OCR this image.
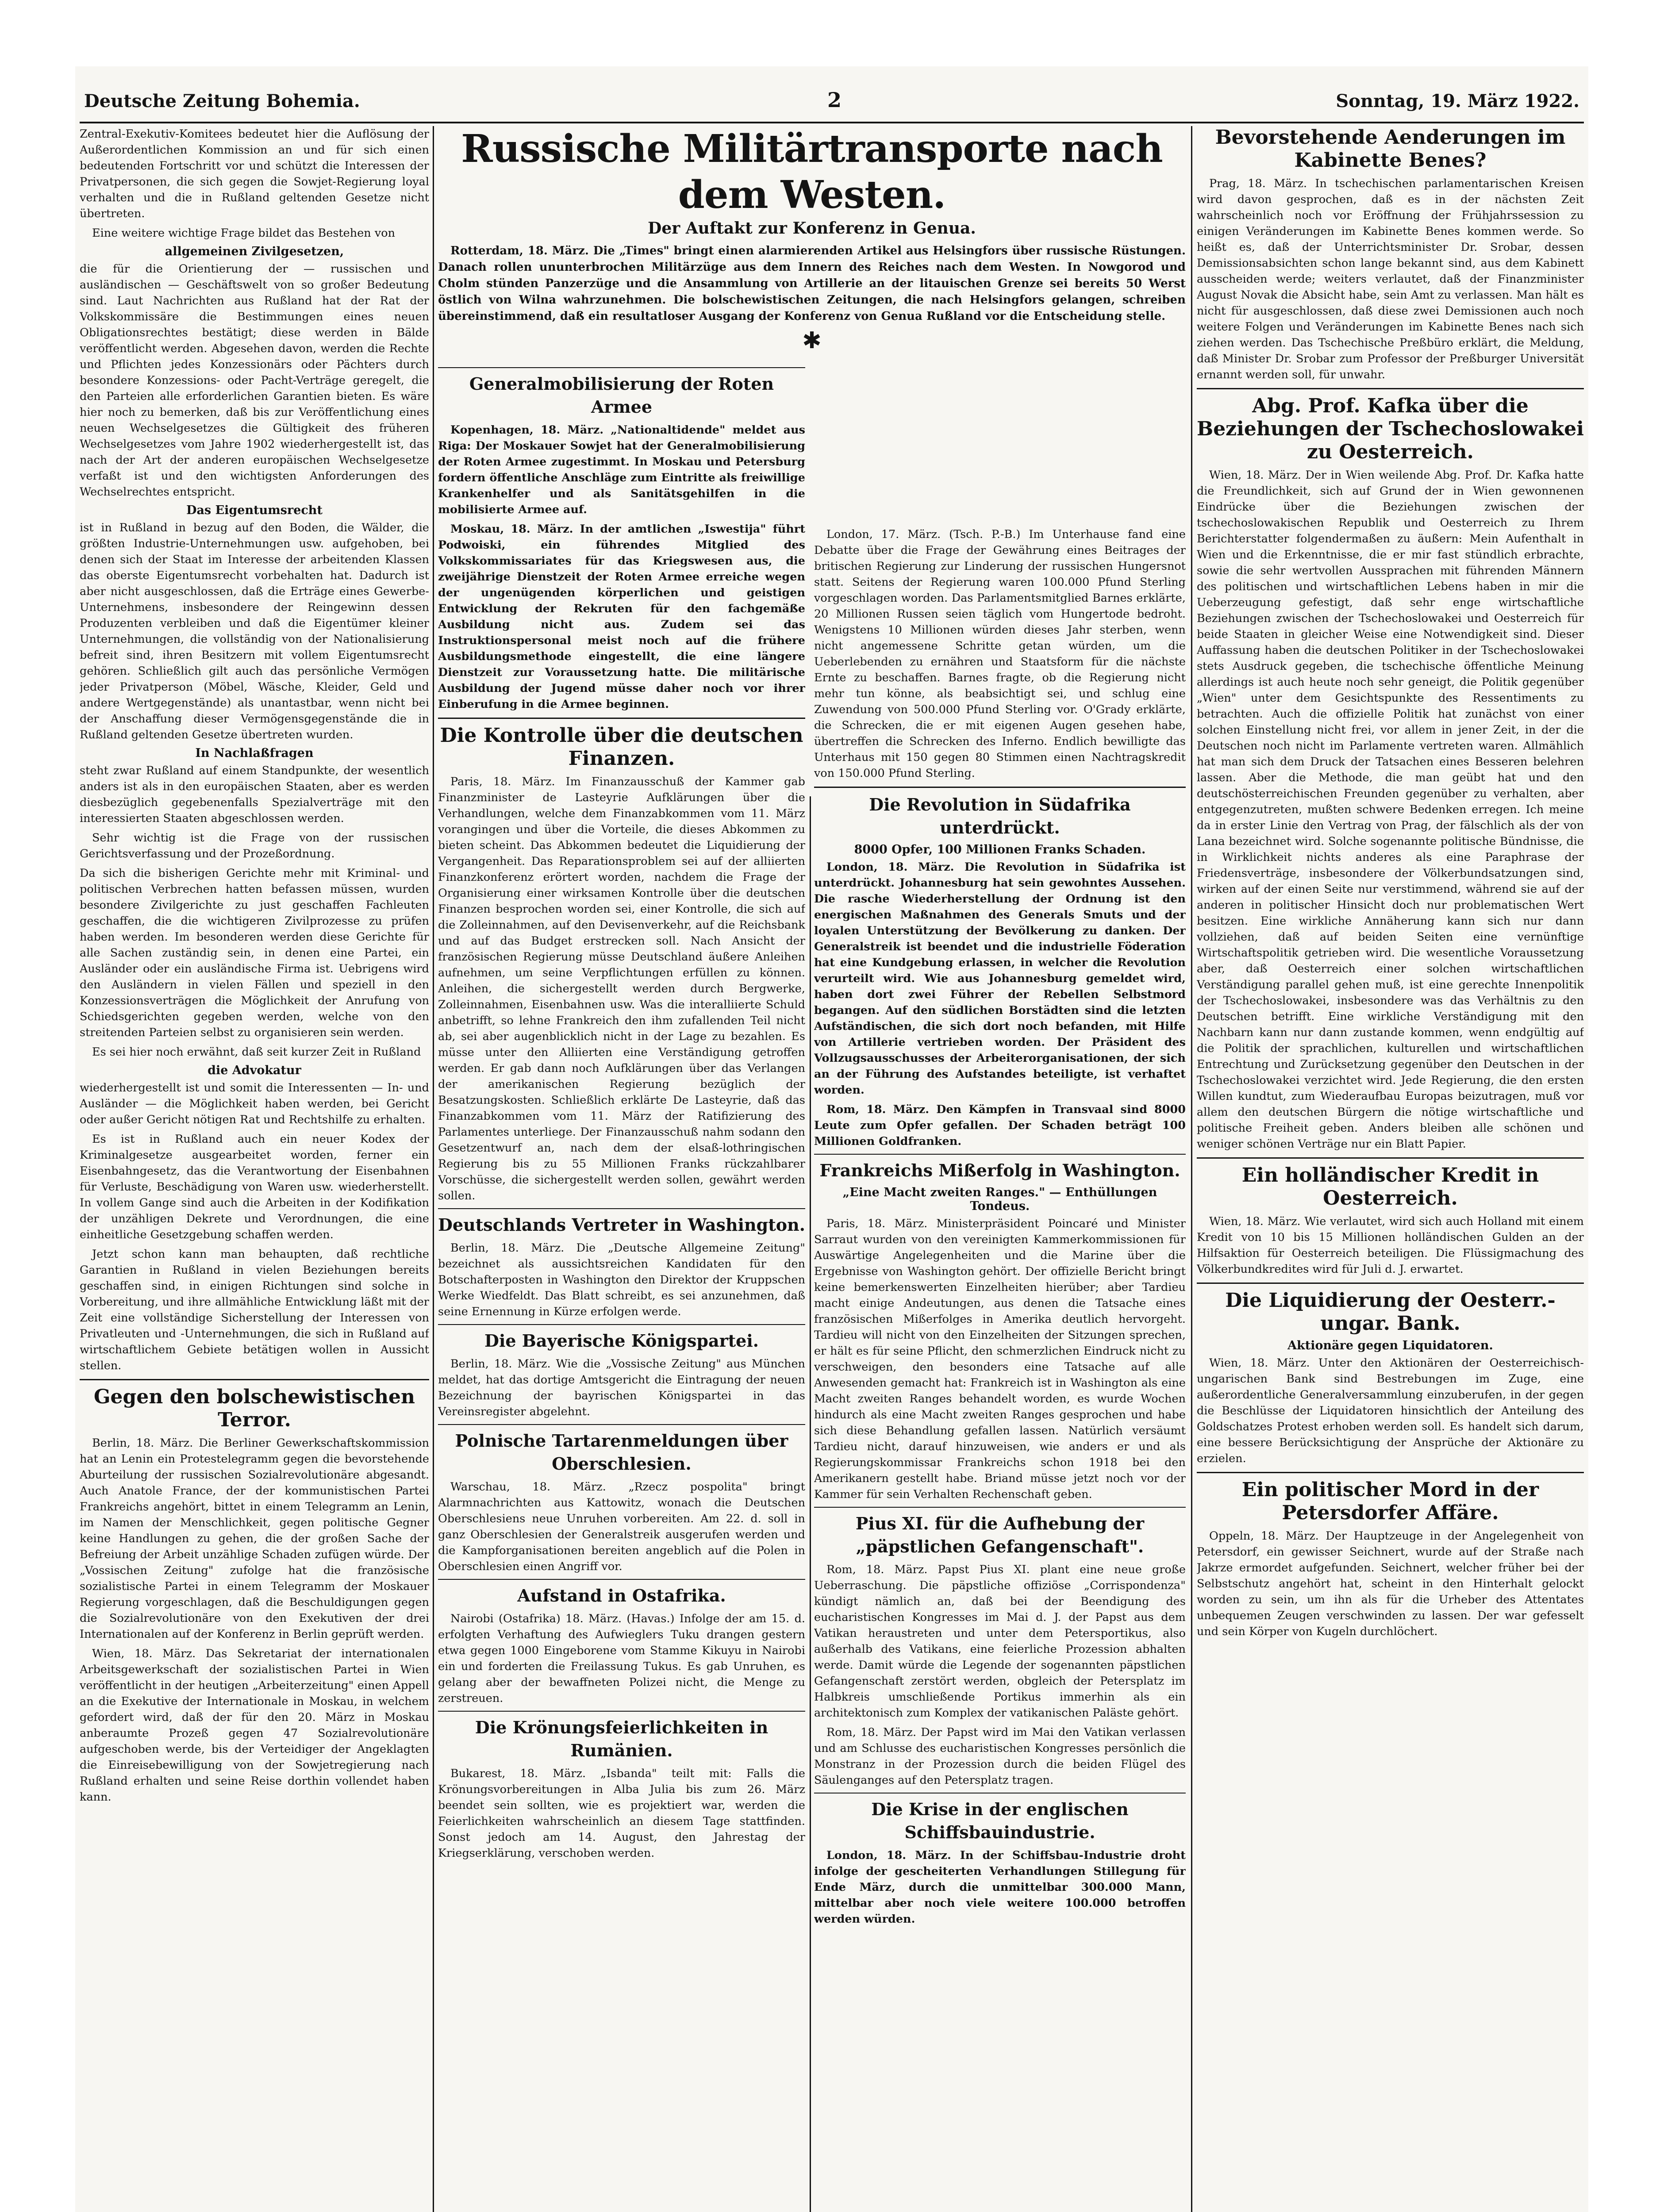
Deutsche Zeitung Bohemia.	2	Sonntag, 19. März 1922.

Zentral-Exekutiv-Komitees bedeutet hier die Auflösung der Außerordentlichen Kommission an und für sich einen bedeutenden Fortschritt vor und schützt die Interessen der Privatpersonen, die sich gegen die Sowjet-Regierung loyal verhalten und die in Rußland geltenden Gesetze nicht übertreten.

Eine weitere wichtige Frage bildet das Bestehen von

allgemeinen Zivilgesetzen,

die für die Orientierung der — russischen und ausländischen — Geschäftswelt von so großer Bedeutung sind. Laut Nachrichten aus Rußland hat der Rat der Volkskommissäre die Bestimmungen eines neuen Obligationsrechtes bestätigt; diese werden in Bälde veröffentlicht werden. Abgesehen davon, werden die Rechte und Pflichten jedes Konzessionärs oder Pächters durch besondere Konzessions- oder Pacht-Verträge geregelt, die den Parteien alle erforderlichen Garantien bieten. Es wäre hier noch zu bemerken, daß bis zur Veröffentlichung eines neuen Wechselgesetzes die Gültigkeit des früheren Wechselgesetzes vom Jahre 1902 wiederhergestellt ist, das nach der Art der anderen europäischen Wechselgesetze verfaßt ist und den wichtigsten Anforderungen des Wechselrechtes entspricht.

Das Eigentumsrecht

ist in Rußland in bezug auf den Boden, die Wälder, die größten Industrie-Unternehmungen usw. aufgehoben, bei denen sich der Staat im Interesse der arbeitenden Klassen das oberste Eigentumsrecht vorbehalten hat. Dadurch ist aber nicht ausgeschlossen, daß die Erträge eines Gewerbe-Unternehmens, insbesondere der Reingewinn dessen Produzenten verbleiben und daß die Eigentümer kleiner Unternehmungen, die vollständig von der Nationalisierung befreit sind, ihren Besitzern mit vollem Eigentumsrecht gehören. Schließlich gilt auch das persönliche Vermögen jeder Privatperson (Möbel, Wäsche, Kleider, Geld und andere Wertgegenstände) als unantastbar, wenn nicht bei der Anschaffung dieser Vermögensgegenstände die in Rußland geltenden Gesetze übertreten wurden.

In Nachlaßfragen

steht zwar Rußland auf einem Standpunkte, der wesentlich anders ist als in den europäischen Staaten, aber es werden diesbezüglich gegebenenfalls Spezialverträge mit den interessierten Staaten abgeschlossen werden.

Sehr wichtig ist die Frage von der russischen Gerichtsverfassung und der Prozeßordnung.

Da sich die bisherigen Gerichte mehr mit Kriminal- und politischen Verbrechen hatten befassen müssen, wurden besondere Zivilgerichte zu just geschaffen Fachleuten geschaffen, die die wichtigeren Zivilprozesse zu prüfen haben werden. Im besonderen werden diese Gerichte für alle Sachen zuständig sein, in denen eine Partei, ein Ausländer oder ein ausländische Firma ist. Uebrigens wird den Ausländern in vielen Fällen und speziell in den Konzessionsverträgen die Möglichkeit der Anrufung von Schiedsgerichten gegeben werden, welche von den streitenden Parteien selbst zu organisieren sein werden.

Es sei hier noch erwähnt, daß seit kurzer Zeit in Rußland

die Advokatur

wiederhergestellt ist und somit die Interessenten — In- und Ausländer — die Möglichkeit haben werden, bei Gericht oder außer Gericht nötigen Rat und Rechtshilfe zu erhalten.

Es ist in Rußland auch ein neuer Kodex der Kriminalgesetze ausgearbeitet worden, ferner ein Eisenbahngesetz, das die Verantwortung der Eisenbahnen für Verluste, Beschädigung von Waren usw. wiederherstellt. In vollem Gange sind auch die Arbeiten in der Kodifikation der unzähligen Dekrete und Verordnungen, die eine einheitliche Gesetzgebung schaffen werden.

Jetzt schon kann man behaupten, daß rechtliche Garantien in Rußland in vielen Beziehungen bereits geschaffen sind, in einigen Richtungen sind solche in Vorbereitung, und ihre allmähliche Entwicklung läßt mit der Zeit eine vollständige Sicherstellung der Interessen von Privatleuten und -Unternehmungen, die sich in Rußland auf wirtschaftlichem Gebiete betätigen wollen in Aussicht stellen.

Gegen den bolschewistischen Terror.

Berlin, 18. März. Die Berliner Gewerkschaftskommission hat an Lenin ein Protestelegramm gegen die bevorstehende Aburteilung der russischen Sozialrevolutionäre abgesandt. Auch Anatole France, der der kommunistischen Partei Frankreichs angehört, bittet in einem Telegramm an Lenin, im Namen der Menschlichkeit, gegen politische Gegner keine Handlungen zu gehen, die der großen Sache der Befreiung der Arbeit unzählige Schaden zufügen würde. Der „Vossischen Zeitung" zufolge hat die französische sozialistische Partei in einem Telegramm der Moskauer Regierung vorgeschlagen, daß die Beschuldigungen gegen die Sozialrevolutionäre von den Exekutiven der drei Internationalen auf der Konferenz in Berlin geprüft werden.

Wien, 18. März. Das Sekretariat der internationalen Arbeitsgewerkschaft der sozialistischen Partei in Wien veröffentlicht in der heutigen „Arbeiterzeitung" einen Appell an die Exekutive der Internationale in Moskau, in welchem gefordert wird, daß der für den 20. März in Moskau anberaumte Prozeß gegen 47 Sozialrevolutionäre aufgeschoben werde, bis der Verteidiger der Angeklagten die Einreisebewilligung von der Sowjetregierung nach Rußland erhalten und seine Reise dorthin vollendet haben kann.

Russische Militärtransporte nach dem Westen.
Der Auftakt zur Konferenz in Genua.

Rotterdam, 18. März. Die „Times" bringt einen alarmierenden Artikel aus Helsingfors über russische Rüstungen. Danach rollen ununterbrochen Militärzüge aus dem Innern des Reiches nach dem Westen. In Nowgorod und Cholm stünden Panzerzüge und die Ansammlung von Artillerie an der litauischen Grenze sei bereits 50 Werst östlich von Wilna wahrzunehmen. Die bolschewistischen Zeitungen, die nach Helsingfors gelangen, schreiben übereinstimmend, daß ein resultatloser Ausgang der Konferenz von Genua Rußland vor die Entscheidung stelle.

✱
Generalmobilisierung der Roten Armee

Kopenhagen, 18. März. „Nationaltidende" meldet aus Riga: Der Moskauer Sowjet hat der Generalmobilisierung der Roten Armee zugestimmt. In Moskau und Petersburg fordern öffentliche Anschläge zum Eintritte als freiwillige Krankenhelfer und als Sanitätsgehilfen in die mobilisierte Armee auf.

Moskau, 18. März. In der amtlichen „Iswestija" führt Podwoiski, ein führendes Mitglied des Volkskommissariates für das Kriegswesen aus, die zweijährige Dienstzeit der Roten Armee erreiche wegen der ungenügenden körperlichen und geistigen Entwicklung der Rekruten für den fachgemäße Ausbildung nicht aus. Zudem sei das Instruktionspersonal meist noch auf die frühere Ausbildungsmethode eingestellt, die eine längere Dienstzeit zur Voraussetzung hatte. Die militärische Ausbildung der Jugend müsse daher noch vor ihrer Einberufung in die Armee beginnen.

Die Kontrolle über die deutschen Finanzen.

Paris, 18. März. Im Finanzausschuß der Kammer gab Finanzminister de Lasteyrie Aufklärungen über die Verhandlungen, welche dem Finanzabkommen vom 11. März vorangingen und über die Vorteile, die dieses Abkommen zu bieten scheint. Das Abkommen bedeutet die Liquidierung der Vergangenheit. Das Reparationsproblem sei auf der alliierten Finanzkonferenz erörtert worden, nachdem die Frage der Organisierung einer wirksamen Kontrolle über die deutschen Finanzen besprochen worden sei, einer Kontrolle, die sich auf die Zolleinnahmen, auf den Devisenverkehr, auf die Reichsbank und auf das Budget erstrecken soll. Nach Ansicht der französischen Regierung müsse Deutschland äußere Anleihen aufnehmen, um seine Verpflichtungen erfüllen zu können. Anleihen, die sichergestellt werden durch Bergwerke, Zolleinnahmen, Eisenbahnen usw. Was die interalliierte Schuld anbetrifft, so lehne Frankreich den ihm zufallenden Teil nicht ab, sei aber augenblicklich nicht in der Lage zu bezahlen. Es müsse unter den Alliierten eine Verständigung getroffen werden. Er gab dann noch Aufklärungen über das Verlangen der amerikanischen Regierung bezüglich der Besatzungskosten. Schließlich erklärte De Lasteyrie, daß das Finanzabkommen vom 11. März der Ratifizierung des Parlamentes unterliege. Der Finanzausschuß nahm sodann den Gesetzentwurf an, nach dem der elsaß-lothringischen Regierung bis zu 55 Millionen Franks rückzahlbarer Vorschüsse, die sichergestellt werden sollen, gewährt werden sollen.

Deutschlands Vertreter in Washington.

Berlin, 18. März. Die „Deutsche Allgemeine Zeitung" bezeichnet als aussichtsreichen Kandidaten für den Botschafterposten in Washington den Direktor der Kruppschen Werke Wiedfeldt. Das Blatt schreibt, es sei anzunehmen, daß seine Ernennung in Kürze erfolgen werde.

Die Bayerische Königspartei.

Berlin, 18. März. Wie die „Vossische Zeitung" aus München meldet, hat das dortige Amtsgericht die Eintragung der neuen Bezeichnung der bayrischen Königspartei in das Vereinsregister abgelehnt.

Polnische Tartarenmeldungen über Oberschlesien.

Warschau, 18. März. „Rzecz pospolita" bringt Alarmnachrichten aus Kattowitz, wonach die Deutschen Oberschlesiens neue Unruhen vorbereiten. Am 22. d. soll in ganz Oberschlesien der Generalstreik ausgerufen werden und die Kampforganisationen bereiten angeblich auf die Polen in Oberschlesien einen Angriff vor.

Aufstand in Ostafrika.

Nairobi (Ostafrika) 18. März. (Havas.) Infolge der am 15. d. erfolgten Verhaftung des Aufwieglers Tuku drangen gestern etwa gegen 1000 Eingeborene vom Stamme Kikuyu in Nairobi ein und forderten die Freilassung Tukus. Es gab Unruhen, es gelang aber der bewaffneten Polizei nicht, die Menge zu zerstreuen.

Die Krönungsfeierlichkeiten in Rumänien.

Bukarest, 18. März. „Isbanda" teilt mit: Falls die Krönungsvorbereitungen in Alba Julia bis zum 26. März beendet sein sollten, wie es projektiert war, werden die Feierlichkeiten wahrscheinlich an diesem Tage stattfinden. Sonst jedoch am 14. August, den Jahrestag der Kriegserklärung, verschoben werden.

London, 17. März. (Tsch. P.-B.) Im Unterhause fand eine Debatte über die Frage der Gewährung eines Beitrages der britischen Regierung zur Linderung der russischen Hungersnot statt. Seitens der Regierung waren 100.000 Pfund Sterling vorgeschlagen worden. Das Parlamentsmitglied Barnes erklärte, 20 Millionen Russen seien täglich vom Hungertode bedroht. Wenigstens 10 Millionen würden dieses Jahr sterben, wenn nicht angemessene Schritte getan würden, um die Ueberlebenden zu ernähren und Staatsform für die nächste Ernte zu beschaffen. Barnes fragte, ob die Regierung nicht mehr tun könne, als beabsichtigt sei, und schlug eine Zuwendung von 500.000 Pfund Sterling vor. O'Grady erklärte, die Schrecken, die er mit eigenen Augen gesehen habe, übertreffen die Schrecken des Inferno. Endlich bewilligte das Unterhaus mit 150 gegen 80 Stimmen einen Nachtragskredit von 150.000 Pfund Sterling.

Die Revolution in Südafrika unterdrückt.
8000 Opfer, 100 Millionen Franks Schaden.

London, 18. März. Die Revolution in Südafrika ist unterdrückt. Johannesburg hat sein gewohntes Aussehen. Die rasche Wiederherstellung der Ordnung ist den energischen Maßnahmen des Generals Smuts und der loyalen Unterstützung der Bevölkerung zu danken. Der Generalstreik ist beendet und die industrielle Föderation hat eine Kundgebung erlassen, in welcher die Revolution verurteilt wird. Wie aus Johannesburg gemeldet wird, haben dort zwei Führer der Rebellen Selbstmord begangen. Auf den südlichen Borstädten sind die letzten Aufständischen, die sich dort noch befanden, mit Hilfe von Artillerie vertrieben worden. Der Präsident des Vollzugsausschusses der Arbeiterorganisationen, der sich an der Führung des Aufstandes beteiligte, ist verhaftet worden.

Rom, 18. März. Den Kämpfen in Transvaal sind 8000 Leute zum Opfer gefallen. Der Schaden beträgt 100 Millionen Goldfranken.

Frankreichs Mißerfolg in Washington.
„Eine Macht zweiten Ranges." — Enthüllungen Tondeus.

Paris, 18. März. Ministerpräsident Poincaré und Minister Sarraut wurden von den vereinigten Kammerkommissionen für Auswärtige Angelegenheiten und die Marine über die Ergebnisse von Washington gehört. Der offizielle Bericht bringt keine bemerkenswerten Einzelheiten hierüber; aber Tardieu macht einige Andeutungen, aus denen die Tatsache eines französischen Mißerfolges in Amerika deutlich hervorgeht. Tardieu will nicht von den Einzelheiten der Sitzungen sprechen, er hält es für seine Pflicht, den schmerzlichen Eindruck nicht zu verschweigen, den besonders eine Tatsache auf alle Anwesenden gemacht hat: Frankreich ist in Washington als eine Macht zweiten Ranges behandelt worden, es wurde Wochen hindurch als eine Macht zweiten Ranges gesprochen und habe sich diese Behandlung gefallen lassen. Natürlich versäumt Tardieu nicht, darauf hinzuweisen, wie anders er und als Regierungskommissar Frankreichs schon 1918 bei den Amerikanern gestellt habe. Briand müsse jetzt noch vor der Kammer für sein Verhalten Rechenschaft geben.

Pius XI. für die Aufhebung der „päpstlichen Gefangenschaft".

Rom, 18. März. Papst Pius XI. plant eine neue große Ueberraschung. Die päpstliche offiziöse „Corrispondenza" kündigt nämlich an, daß bei der Beendigung des eucharistischen Kongresses im Mai d. J. der Papst aus dem Vatikan heraustreten und unter dem Petersportikus, also außerhalb des Vatikans, eine feierliche Prozession abhalten werde. Damit würde die Legende der sogenannten päpstlichen Gefangenschaft zerstört werden, obgleich der Petersplatz im Halbkreis umschließende Portikus immerhin als ein architektonisch zum Komplex der vatikanischen Paläste gehört.

Rom, 18. März. Der Papst wird im Mai den Vatikan verlassen und am Schlusse des eucharistischen Kongresses persönlich die Monstranz in der Prozession durch die beiden Flügel des Säulenganges auf den Petersplatz tragen.

Die Krise in der englischen Schiffsbauindustrie.

London, 18. März. In der Schiffsbau-Industrie droht infolge der gescheiterten Verhandlungen Stillegung für Ende März, durch die unmittelbar 300.000 Mann, mittelbar aber noch viele weitere 100.000 betroffen werden würden.

Bevorstehende Aenderungen im Kabinette Benes?

Prag, 18. März. In tschechischen parlamentarischen Kreisen wird davon gesprochen, daß es in der nächsten Zeit wahrscheinlich noch vor Eröffnung der Frühjahrssession zu einigen Veränderungen im Kabinette Benes kommen werde. So heißt es, daß der Unterrichtsminister Dr. Srobar, dessen Demissionsabsichten schon lange bekannt sind, aus dem Kabinett ausscheiden werde; weiters verlautet, daß der Finanzminister August Novak die Absicht habe, sein Amt zu verlassen. Man hält es nicht für ausgeschlossen, daß diese zwei Demissionen auch noch weitere Folgen und Veränderungen im Kabinette Benes nach sich ziehen werden. Das Tschechische Preßbüro erklärt, die Meldung, daß Minister Dr. Srobar zum Professor der Preßburger Universität ernannt werden soll, für unwahr.

Abg. Prof. Kafka über die Beziehungen der Tschechoslowakei zu Oesterreich.

Wien, 18. März. Der in Wien weilende Abg. Prof. Dr. Kafka hatte die Freundlichkeit, sich auf Grund der in Wien gewonnenen Eindrücke über die Beziehungen zwischen der tschechoslowakischen Republik und Oesterreich zu Ihrem Berichterstatter folgendermaßen zu äußern: Mein Aufenthalt in Wien und die Erkenntnisse, die er mir fast stündlich erbrachte, sowie die sehr wertvollen Aussprachen mit führenden Männern des politischen und wirtschaftlichen Lebens haben in mir die Ueberzeugung gefestigt, daß sehr enge wirtschaftliche Beziehungen zwischen der Tschechoslowakei und Oesterreich für beide Staaten in gleicher Weise eine Notwendigkeit sind. Dieser Auffassung haben die deutschen Politiker in der Tschechoslowakei stets Ausdruck gegeben, die tschechische öffentliche Meinung allerdings ist auch heute noch sehr geneigt, die Politik gegenüber „Wien" unter dem Gesichtspunkte des Ressentiments zu betrachten. Auch die offizielle Politik hat zunächst von einer solchen Einstellung nicht frei, vor allem in jener Zeit, in der die Deutschen noch nicht im Parlamente vertreten waren. Allmählich hat man sich dem Druck der Tatsachen eines Besseren belehren lassen. Aber die Methode, die man geübt hat und den deutschösterreichischen Freunden gegenüber zu verhalten, aber entgegenzutreten, mußten schwere Bedenken erregen. Ich meine da in erster Linie den Vertrag von Prag, der fälschlich als der von Lana bezeichnet wird. Solche sogenannte politische Bündnisse, die in Wirklichkeit nichts anderes als eine Paraphrase der Friedensverträge, insbesondere der Völkerbundsatzungen sind, wirken auf der einen Seite nur verstimmend, während sie auf der anderen in politischer Hinsicht doch nur problematischen Wert besitzen. Eine wirkliche Annäherung kann sich nur dann vollziehen, daß auf beiden Seiten eine vernünftige Wirtschaftspolitik getrieben wird. Die wesentliche Voraussetzung aber, daß Oesterreich einer solchen wirtschaftlichen Verständigung parallel gehen muß, ist eine gerechte Innenpolitik der Tschechoslowakei, insbesondere was das Verhältnis zu den Deutschen betrifft. Eine wirkliche Verständigung mit den Nachbarn kann nur dann zustande kommen, wenn endgültig auf die Politik der sprachlichen, kulturellen und wirtschaftlichen Entrechtung und Zurücksetzung gegenüber den Deutschen in der Tschechoslowakei verzichtet wird. Jede Regierung, die den ersten Willen kundtut, zum Wiederaufbau Europas beizutragen, muß vor allem den deutschen Bürgern die nötige wirtschaftliche und politische Freiheit geben. Anders bleiben alle schönen und weniger schönen Verträge nur ein Blatt Papier.

Ein holländischer Kredit in Oesterreich.

Wien, 18. März. Wie verlautet, wird sich auch Holland mit einem Kredit von 10 bis 15 Millionen holländischen Gulden an der Hilfsaktion für Oesterreich beteiligen. Die Flüssigmachung des Völkerbundkredites wird für Juli d. J. erwartet.

Die Liquidierung der Oesterr.-ungar. Bank.
Aktionäre gegen Liquidatoren.

Wien, 18. März. Unter den Aktionären der Oesterreichisch-ungarischen Bank sind Bestrebungen im Zuge, eine außerordentliche Generalversammlung einzuberufen, in der gegen die Beschlüsse der Liquidatoren hinsichtlich der Anteilung des Goldschatzes Protest erhoben werden soll. Es handelt sich darum, eine bessere Berücksichtigung der Ansprüche der Aktionäre zu erzielen.

Ein politischer Mord in der Petersdorfer Affäre.

Oppeln, 18. März. Der Hauptzeuge in der Angelegenheit von Petersdorf, ein gewisser Seichnert, wurde auf der Straße nach Jakrze ermordet aufgefunden. Seichnert, welcher früher bei der Selbstschutz angehört hat, scheint in den Hinterhalt gelockt worden zu sein, um ihn als für die Urheber des Attentates unbequemen Zeugen verschwinden zu lassen. Der war gefesselt und sein Körper von Kugeln durchlöchert.
